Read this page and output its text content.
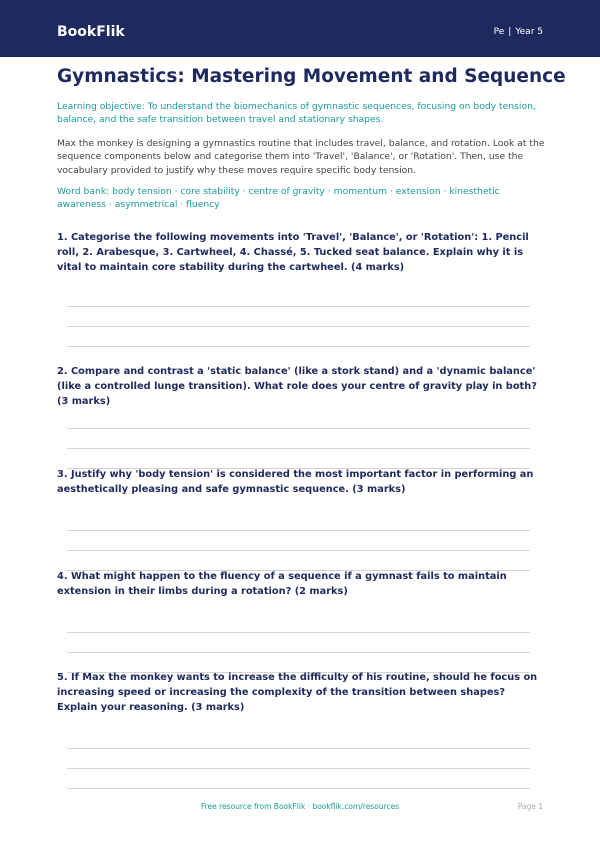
BookFlik	Pe | Year 5
Gymnastics: Mastering Movement and Sequence

Learning objective: To understand the biomechanics of gymnastic sequences, focusing on body tension, balance, and the safe transition between travel and stationary shapes.

Max the monkey is designing a gymnastics routine that includes travel, balance, and rotation. Look at the sequence components below and categorise them into 'Travel', 'Balance', or 'Rotation'. Then, use the vocabulary provided to justify why these moves require specific body tension.

Word bank: body tension · core stability · centre of gravity · momentum · extension · kinesthetic awareness · asymmetrical · fluency

1. Categorise the following movements into 'Travel', 'Balance', or 'Rotation': 1. Pencil roll, 2. Arabesque, 3. Cartwheel, 4. Chassé, 5. Tucked seat balance. Explain why it is vital to maintain core stability during the cartwheel. (4 marks)
2. Compare and contrast a 'static balance' (like a stork stand) and a 'dynamic balance' (like a controlled lunge transition). What role does your centre of gravity play in both? (3 marks)
3. Justify why 'body tension' is considered the most important factor in performing an aesthetically pleasing and safe gymnastic sequence. (3 marks)
4. What might happen to the fluency of a sequence if a gymnast fails to maintain extension in their limbs during a rotation? (2 marks)
5. If Max the monkey wants to increase the difficulty of his routine, should he focus on increasing speed or increasing the complexity of the transition between shapes? Explain your reasoning. (3 marks)
Free resource from BookFlik · bookflik.com/resources	Page 1
